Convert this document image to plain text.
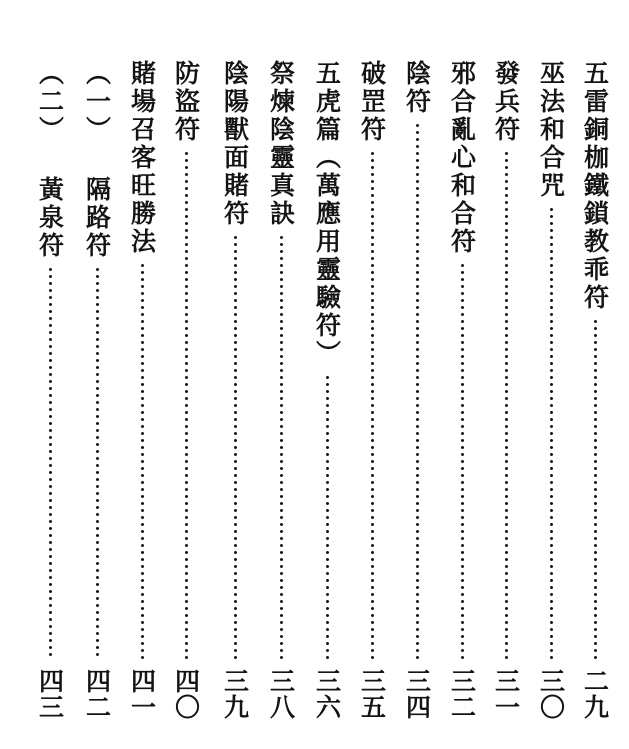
五雷銅枷鐵鎖教乖符
二九
巫法和合咒
三〇
發兵符
三一
邪合亂心和合符
三二
陰符
三四
破罡符
三五
五虎篇︵萬應用靈驗符︶
三六
祭煉陰靈真訣
三八
陰陽獸面賭符
三九
防盜符
四〇
賭場召客旺勝法
四一
︵一︶ 隔路符
四二
︵二︶ 黃泉符
四三
